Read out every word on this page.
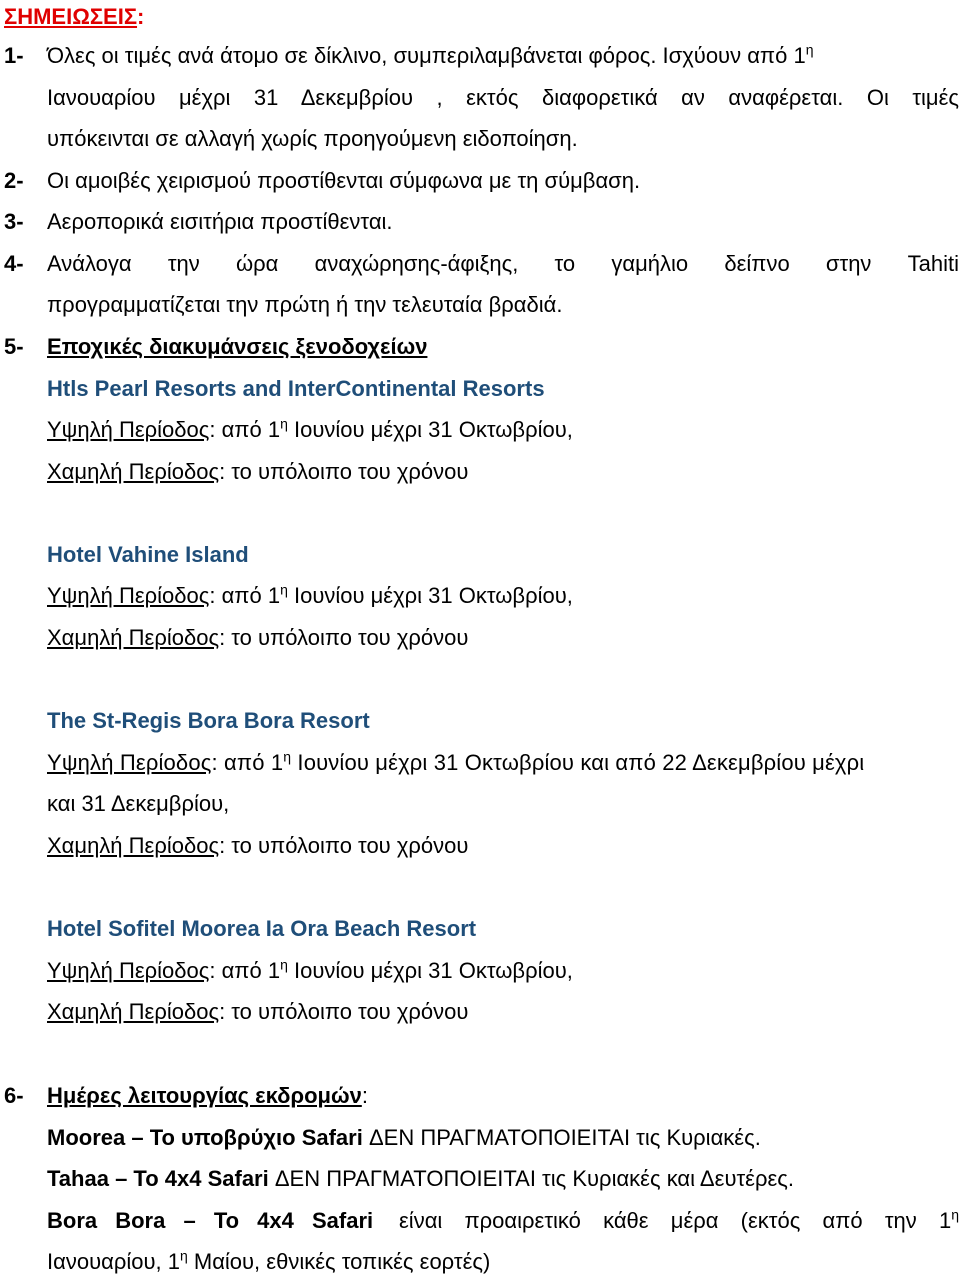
ΣΗΜΕΙΩΣΕΙΣ:
1- Όλες οι τιμές ανά άτομο σε δίκλινο, συμπεριλαμβάνεται φόρος. Ισχύουν από $1^\eta$
Ιανουαρίου μέχρι 31 Δεκεμβρίου , εκτός διαφορετικά αν αναφέρεται. Οι τιμές
υπόκεινται σε αλλαγή χωρίς προηγούμενη ειδοποίηση.
2- Οι αμοιβές χειρισμού προστίθενται σύμφωνα με τη σύμβαση.
3- Αεροπορικά εισιτήρια προστίθενται.
4- Ανάλογα την ώρα αναχώρησης-άφιξης, το γαμήλιο δείπνο στην Tahiti
προγραμματίζεται την πρώτη ή την τελευταία βραδιά.
5- Εποχικές διακυμάνσεις ξενοδοχείων
Htls Pearl Resorts and InterContinental Resorts
Υψηλή Περίοδος: από $1^\eta$ Ιουνίου μέχρι 31 Οκτωβρίου,
Χαμηλή Περίοδος: το υπόλοιπο του χρόνου
Hotel Vahine Island
Υψηλή Περίοδος: από $1^\eta$ Ιουνίου μέχρι 31 Οκτωβρίου,
Χαμηλή Περίοδος: το υπόλοιπο του χρόνου
The St-Regis Bora Bora Resort
Υψηλή Περίοδος: από $1^\eta$ Ιουνίου μέχρι 31 Οκτωβρίου και από 22 Δεκεμβρίου μέχρι
και 31 Δεκεμβρίου,
Χαμηλή Περίοδος: το υπόλοιπο του χρόνου
Hotel Sofitel Moorea Ia Ora Beach Resort
Υψηλή Περίοδος: από $1^\eta$ Ιουνίου μέχρι 31 Οκτωβρίου,
Χαμηλή Περίοδος: το υπόλοιπο του χρόνου
6- Ημέρες λειτουργίας εκδρομών:
Moorea – Το υποβρύχιο Safari ΔΕΝ ΠΡΑΓΜΑΤΟΠΟΙΕΙΤΑΙ τις Κυριακές.
Tahaa – To 4x4 Safari ΔΕΝ ΠΡΑΓΜΑΤΟΠΟΙΕΙΤΑΙ τις Κυριακές και Δευτέρες.
Bora Bora – To 4x4 Safari είναι προαιρετικό κάθε μέρα (εκτός από την $1^\eta$
Ιανουαρίου, $1^\eta$ Μαίου, εθνικές τοπικές εορτές)
